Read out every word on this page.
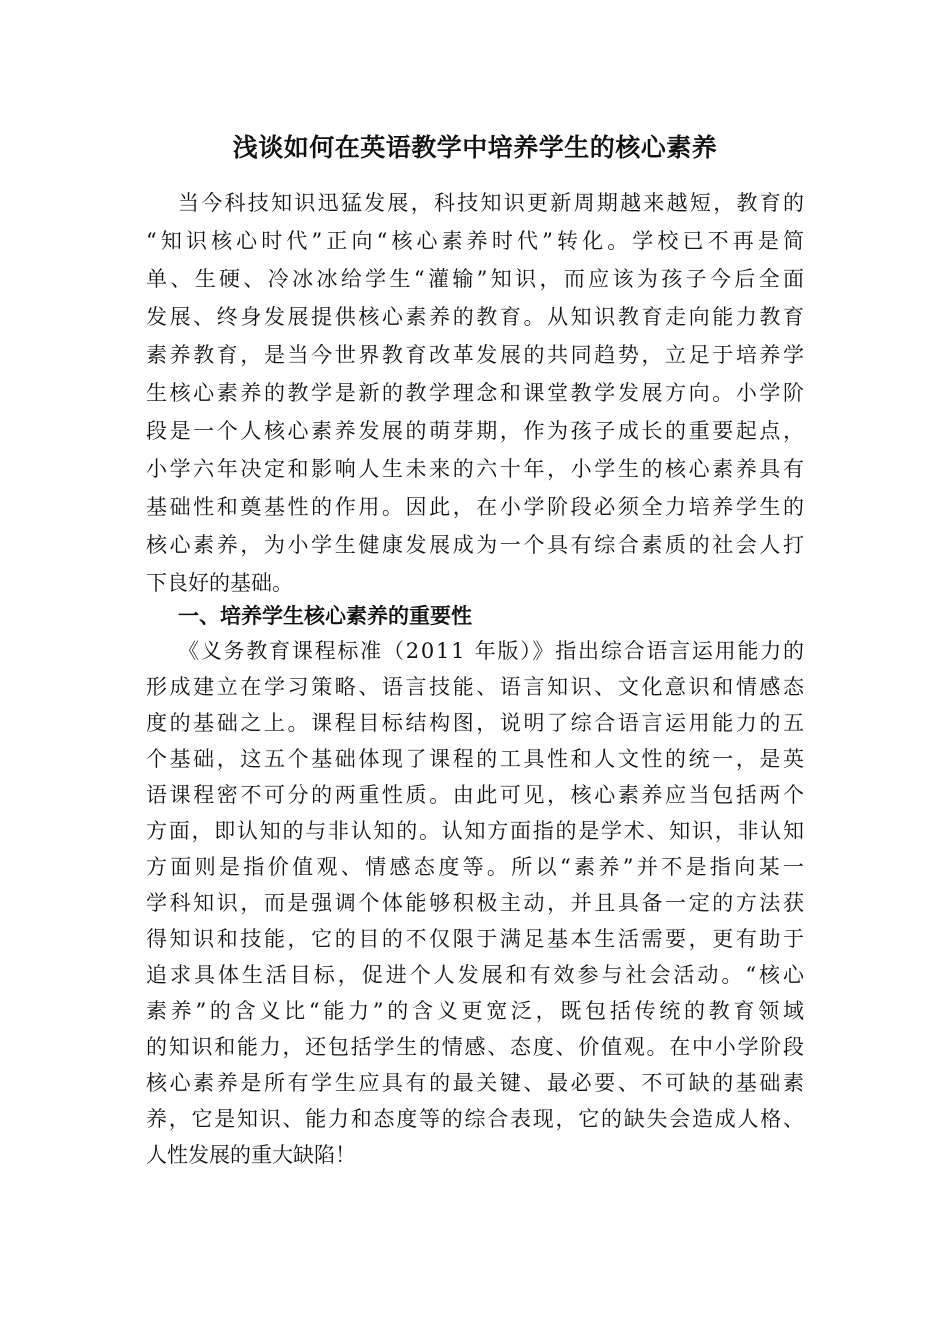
浅谈如何在英语教学中培养学生的核心素养
当今科技知识迅猛发展，科技知识更新周期越来越短，教育的
“知识核心时代”正向“核心素养时代”转化。学校已不再是简
单、生硬、冷冰冰给学生“灌输”知识，而应该为孩子今后全面
发展、终身发展提供核心素养的教育。从知识教育走向能力教育
素养教育，是当今世界教育改革发展的共同趋势，立足于培养学
生核心素养的教学是新的教学理念和课堂教学发展方向。小学阶
段是一个人核心素养发展的萌芽期，作为孩子成长的重要起点，
小学六年决定和影响人生未来的六十年，小学生的核心素养具有
基础性和奠基性的作用。因此，在小学阶段必须全力培养学生的
核心素养，为小学生健康发展成为一个具有综合素质的社会人打
下良好的基础。
一、培养学生核心素养的重要性
《义务教育课程标准（2011 年版）》指出综合语言运用能力的
形成建立在学习策略、语言技能、语言知识、文化意识和情感态
度的基础之上。课程目标结构图，说明了综合语言运用能力的五
个基础，这五个基础体现了课程的工具性和人文性的统一，是英
语课程密不可分的两重性质。由此可见，核心素养应当包括两个
方面，即认知的与非认知的。认知方面指的是学术、知识，非认知
方面则是指价值观、情感态度等。所以“素养”并不是指向某一
学科知识，而是强调个体能够积极主动，并且具备一定的方法获
得知识和技能，它的目的不仅限于满足基本生活需要，更有助于
追求具体生活目标，促进个人发展和有效参与社会活动。“核心
素养”的含义比“能力”的含义更宽泛，既包括传统的教育领域
的知识和能力，还包括学生的情感、态度、价值观。在中小学阶段
核心素养是所有学生应具有的最关键、最必要、不可缺的基础素
养，它是知识、能力和态度等的综合表现，它的缺失会造成人格、
人性发展的重大缺陷！
